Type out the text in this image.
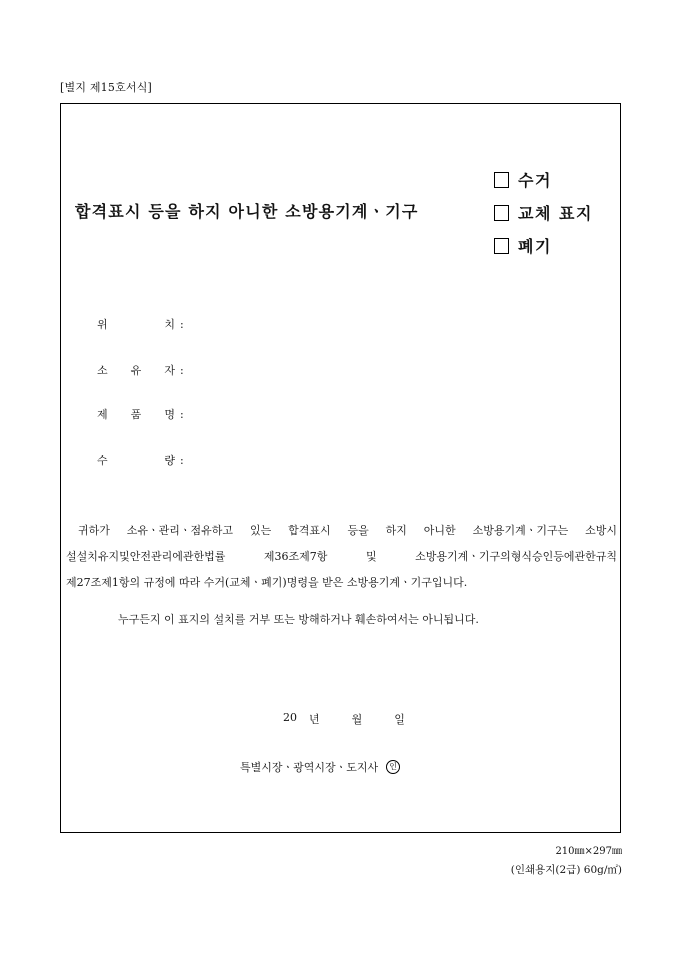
[별지 제15호서식]
합격표시 등을 하지 아니한 소방용기계ㆍ기구
수거
교체 표지
폐기
위	치 :
소 유 자 :
제 품 명 :
수	량 :
귀하가 소유ㆍ관리ㆍ점유하고 있는 합격표시 등을 하지 아니한 소방용기계ㆍ기구는 소방시
설설치유지및안전관리에관한법률 제36조제7항 및 소방용기계ㆍ기구의형식승인등에관한규칙
제27조제1항의 규정에 따라 수거(교체ㆍ폐기)명령을 받은 소방용기계ㆍ기구입니다.
누구든지 이 표지의 설치를 거부 또는 방해하거나 훼손하여서는 아니됩니다.
20 년	월	일
특별시장ㆍ광역시장ㆍ도지사	인
210㎜×297㎜
(인쇄용지(2급) 60g/㎡)
